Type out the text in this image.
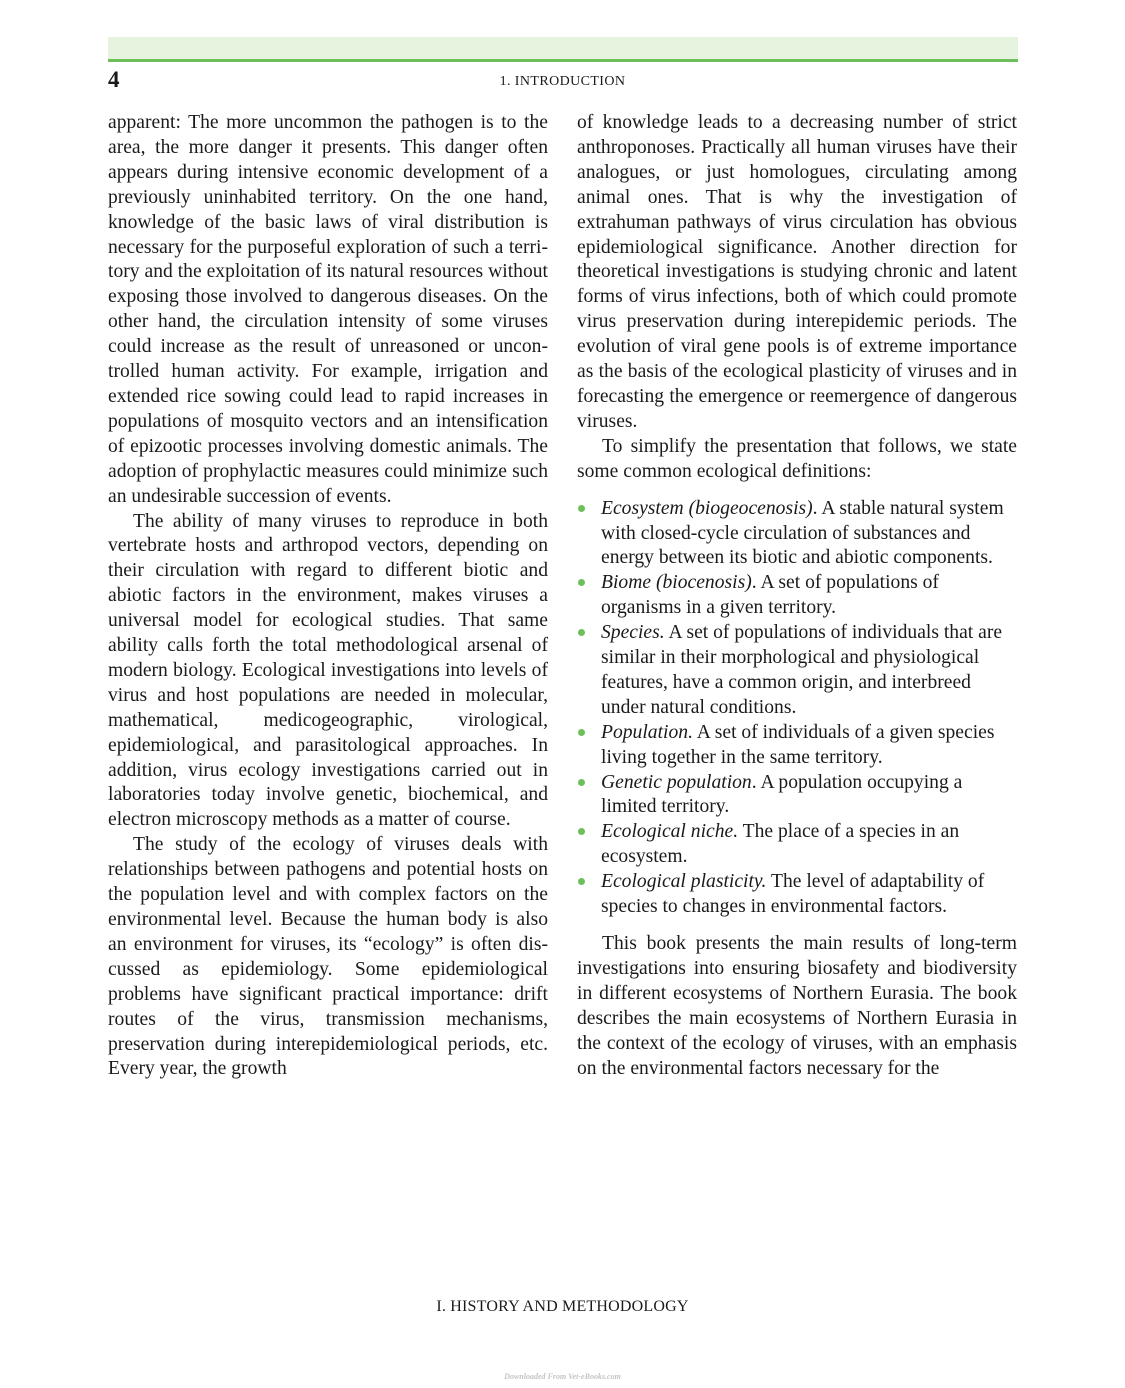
4	1. INTRODUCTION

apparent: The more uncommon the pathogen is to the area, the more danger it presents. This danger often appears during intensive economic development of a previously uninhabited territory. On the one hand, knowledge of the basic laws of viral distribution is necessary for the purposeful exploration of such a territory and the exploitation of its natural resources without exposing those involved to dangerous diseases. On the other hand, the circulation intensity of some viruses could increase as the result of unreasoned or uncontrolled human activity. For example, irrigation and extended rice sowing could lead to rapid increases in populations of mosquito vectors and an intensification of epizootic processes involving domestic animals. The adoption of prophylactic measures could minimize such an undesirable succession of events.

The ability of many viruses to reproduce in both vertebrate hosts and arthropod vectors, depending on their circulation with regard to different biotic and abiotic factors in the environment, makes viruses a universal model for ecological studies. That same ability calls forth the total methodological arsenal of modern biology. Ecological investigations into levels of virus and host populations are needed in molecular, mathematical, medicogeographic, virological, epidemiological, and parasitological approaches. In addition, virus ecology investigations carried out in laboratories today involve genetic, biochemical, and electron microscopy methods as a matter of course.

The study of the ecology of viruses deals with relationships between pathogens and potential hosts on the population level and with complex factors on the environmental level. Because the human body is also an environment for viruses, its “ecology” is often discussed as epidemiology. Some epidemiological problems have significant practical importance: drift routes of the virus, transmission mechanisms, preservation during interepidemiological periods, etc. Every year, the growth

of knowledge leads to a decreasing number of strict anthroponoses. Practically all human viruses have their analogues, or just homologues, circulating among animal ones. That is why the investigation of extrahuman pathways of virus circulation has obvious epidemiological significance. Another direction for theoretical investigations is studying chronic and latent forms of virus infections, both of which could promote virus preservation during interepidemic periods. The evolution of viral gene pools is of extreme importance as the basis of the ecological plasticity of viruses and in forecasting the emergence or reemergence of dangerous viruses.

To simplify the presentation that follows, we state some common ecological definitions:

Ecosystem (biogeocenosis). A stable natural system with closed-cycle circulation of substances and energy between its biotic and abiotic components.
Biome (biocenosis). A set of populations of organisms in a given territory.
Species. A set of populations of individuals that are similar in their morphological and physiological features, have a common origin, and interbreed under natural conditions.
Population. A set of individuals of a given species living together in the same territory.
Genetic population. A population occupying a limited territory.
Ecological niche. The place of a species in an ecosystem.
Ecological plasticity. The level of adaptability of species to changes in environmental factors.

This book presents the main results of long-term investigations into ensuring biosafety and biodiversity in different ecosystems of Northern Eurasia. The book describes the main ecosystems of Northern Eurasia in the context of the ecology of viruses, with an emphasis on the environmental factors necessary for the

I. HISTORY AND METHODOLOGY
Downloaded From Vet-eBooks.com
